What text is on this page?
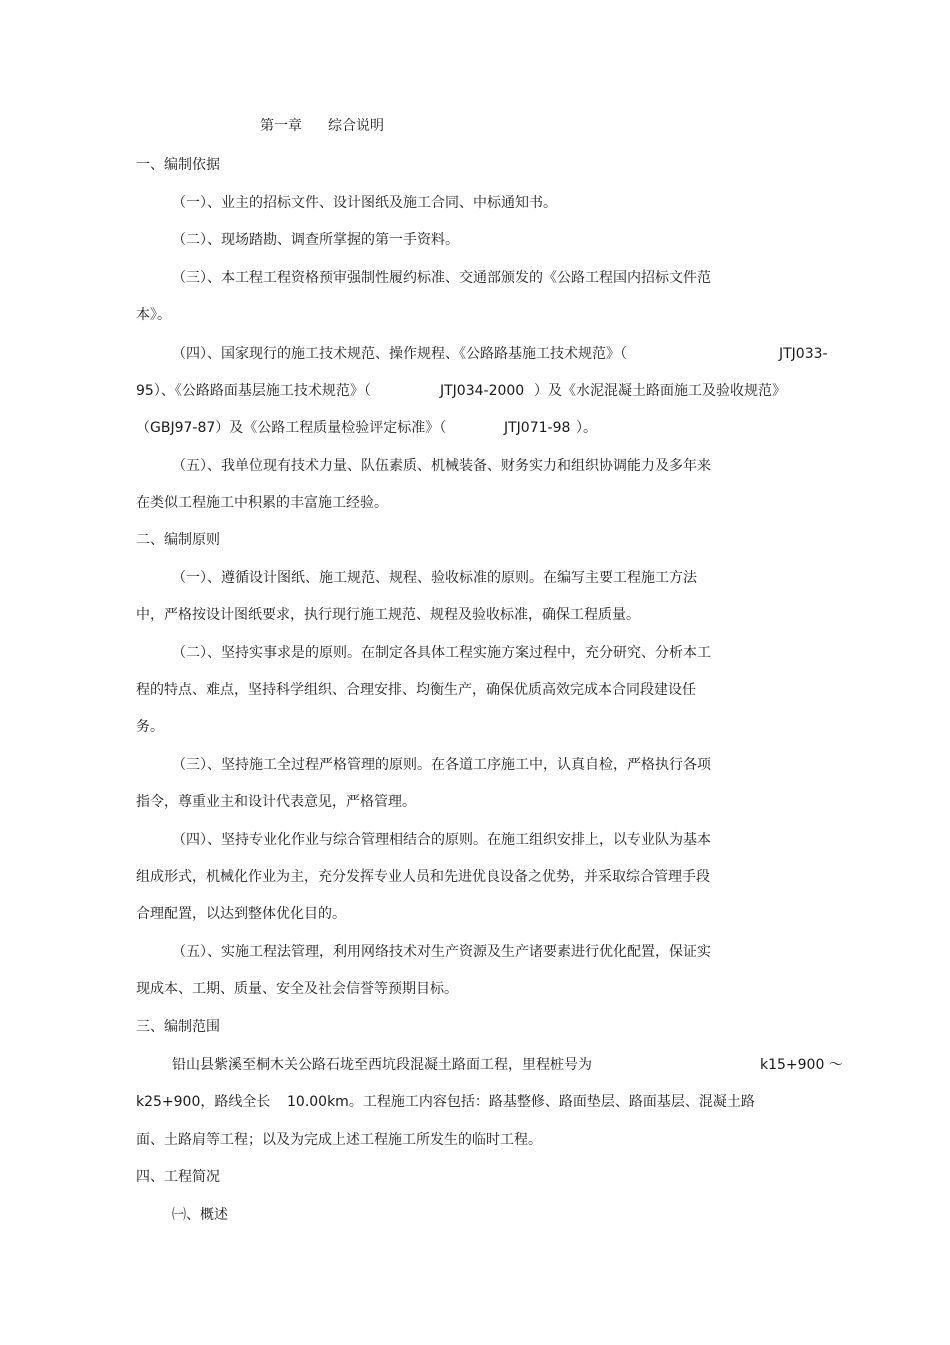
第一章 综合说明
一、编制依据
（一）、业主的招标文件、设计图纸及施工合同、中标通知书。
（二）、现场踏勘、调查所掌握的第一手资料。
（三）、本工程工程资格预审强制性履约标准、交通部颁发的《公路工程国内招标文件范
本》。
（四）、国家现行的施工技术规范、操作规程、《公路路基施工技术规范》（	JTJ033-
95）、《公路路面基层施工技术规范》（	JTJ034-2000 ）及《水泥混凝土路面施工及验收规范》
（GBJ97-87）及《公路工程质量检验评定标准》（	JTJ071-98 ）。
（五）、我单位现有技术力量、队伍素质、机械装备、财务实力和组织协调能力及多年来
在类似工程施工中积累的丰富施工经验。
二、编制原则
（一）、遵循设计图纸、施工规范、规程、验收标准的原则。在编写主要工程施工方法
中，严格按设计图纸要求，执行现行施工规范、规程及验收标准，确保工程质量。
（二）、坚持实事求是的原则。在制定各具体工程实施方案过程中，充分研究、分析本工
程的特点、难点，坚持科学组织、合理安排、均衡生产，确保优质高效完成本合同段建设任
务。
（三）、坚持施工全过程严格管理的原则。在各道工序施工中，认真自检，严格执行各项
指令，尊重业主和设计代表意见，严格管理。
（四）、坚持专业化作业与综合管理相结合的原则。在施工组织安排上，以专业队为基本
组成形式，机械化作业为主，充分发挥专业人员和先进优良设备之优势，并采取综合管理手段
合理配置，以达到整体优化目的。
（五）、实施工程法管理，利用网络技术对生产资源及生产诸要素进行优化配置，保证实
现成本、工期、质量、安全及社会信誉等预期目标。
三、编制范围
铅山县紫溪至桐木关公路石垅至西坑段混凝土路面工程，里程桩号为	k15+900 ～
k25+900，路线全长 10.00km。工程施工内容包括：路基整修、路面垫层、路面基层、混凝土路
面、土路肩等工程；以及为完成上述工程施工所发生的临时工程。
四、工程简况
㈠、概述
